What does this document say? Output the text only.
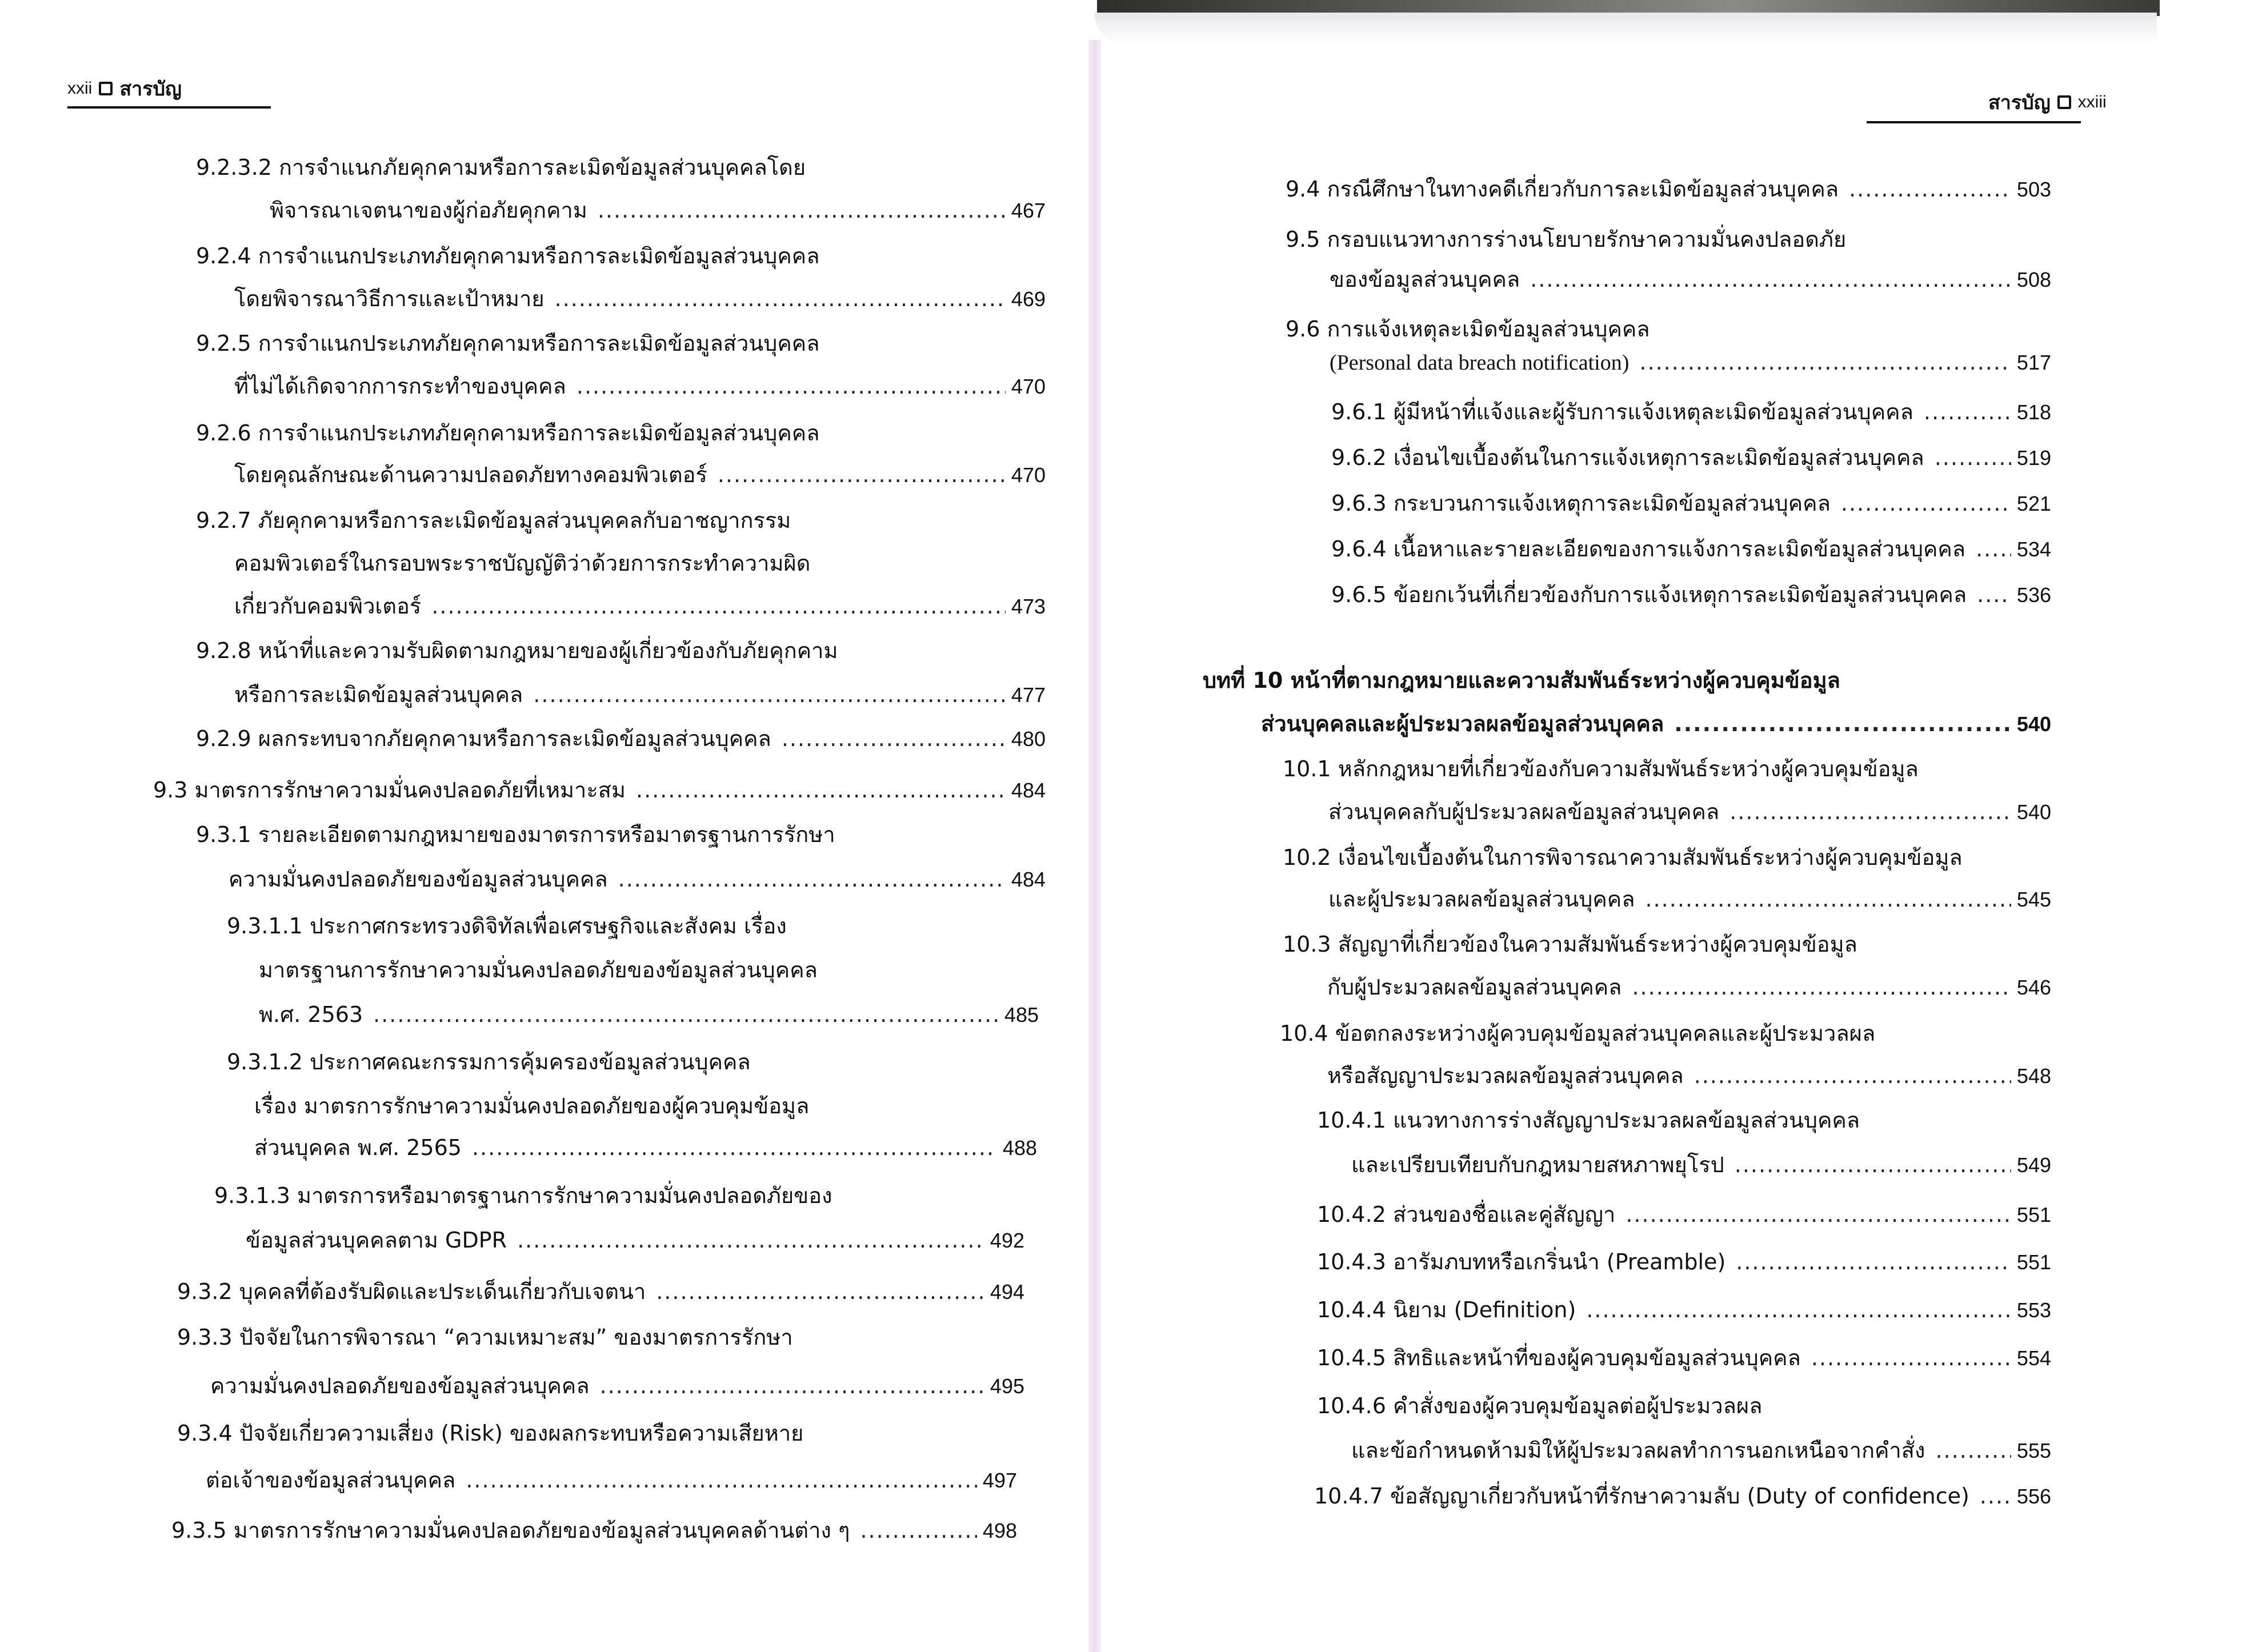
xxii สารบัญ
9.2.3.2 การจำแนกภัยคุกคามหรือการละเมิดข้อมูลส่วนบุคคลโดย
พิจารณาเจตนาของผู้ก่อภัยคุกคาม .....	467
9.2.4 การจำแนกประเภทภัยคุกคามหรือการละเมิดข้อมูลส่วนบุคคล
โดยพิจารณาวิธีการและเป้าหมาย .....	469
9.2.5 การจำแนกประเภทภัยคุกคามหรือการละเมิดข้อมูลส่วนบุคคล
ที่ไม่ได้เกิดจากการกระทำของบุคคล .....	470
9.2.6 การจำแนกประเภทภัยคุกคามหรือการละเมิดข้อมูลส่วนบุคคล
โดยคุณลักษณะด้านความปลอดภัยทางคอมพิวเตอร์ .....	470
9.2.7 ภัยคุกคามหรือการละเมิดข้อมูลส่วนบุคคลกับอาชญากรรม
คอมพิวเตอร์ในกรอบพระราชบัญญัติว่าด้วยการกระทำความผิด
เกี่ยวกับคอมพิวเตอร์ .....	473
9.2.8 หน้าที่และความรับผิดตามกฎหมายของผู้เกี่ยวข้องกับภัยคุกคาม
หรือการละเมิดข้อมูลส่วนบุคคล .....	477
9.2.9 ผลกระทบจากภัยคุกคามหรือการละเมิดข้อมูลส่วนบุคคล .....	480
9.3 มาตรการรักษาความมั่นคงปลอดภัยที่เหมาะสม .....	484
9.3.1 รายละเอียดตามกฎหมายของมาตรการหรือมาตรฐานการรักษา
ความมั่นคงปลอดภัยของข้อมูลส่วนบุคคล .....	484
9.3.1.1 ประกาศกระทรวงดิจิทัลเพื่อเศรษฐกิจและสังคม เรื่อง
มาตรฐานการรักษาความมั่นคงปลอดภัยของข้อมูลส่วนบุคคล
พ.ศ. 2563 .....	485
9.3.1.2 ประกาศคณะกรรมการคุ้มครองข้อมูลส่วนบุคคล
เรื่อง มาตรการรักษาความมั่นคงปลอดภัยของผู้ควบคุมข้อมูล
ส่วนบุคคล พ.ศ. 2565 .....	488
9.3.1.3 มาตรการหรือมาตรฐานการรักษาความมั่นคงปลอดภัยของ
ข้อมูลส่วนบุคคลตาม GDPR .....	492
9.3.2 บุคคลที่ต้องรับผิดและประเด็นเกี่ยวกับเจตนา .....	494
9.3.3 ปัจจัยในการพิจารณา “ความเหมาะสม” ของมาตรการรักษา
ความมั่นคงปลอดภัยของข้อมูลส่วนบุคคล .....	495
9.3.4 ปัจจัยเกี่ยวความเสี่ยง (Risk) ของผลกระทบหรือความเสียหาย
ต่อเจ้าของข้อมูลส่วนบุคคล .....	497
9.3.5 มาตรการรักษาความมั่นคงปลอดภัยของข้อมูลส่วนบุคคลด้านต่าง ๆ .....	498
สารบัญ xxiii
9.4 กรณีศึกษาในทางคดีเกี่ยวกับการละเมิดข้อมูลส่วนบุคคล .....	503
9.5 กรอบแนวทางการร่างนโยบายรักษาความมั่นคงปลอดภัย
ของข้อมูลส่วนบุคคล .....	508
9.6 การแจ้งเหตุละเมิดข้อมูลส่วนบุคคล
(Personal data breach notification) .....	517
9.6.1 ผู้มีหน้าที่แจ้งและผู้รับการแจ้งเหตุละเมิดข้อมูลส่วนบุคคล .....	518
9.6.2 เงื่อนไขเบื้องต้นในการแจ้งเหตุการละเมิดข้อมูลส่วนบุคคล .....	519
9.6.3 กระบวนการแจ้งเหตุการละเมิดข้อมูลส่วนบุคคล .....	521
9.6.4 เนื้อหาและรายละเอียดของการแจ้งการละเมิดข้อมูลส่วนบุคคล ..... 534
9.6.5 ข้อยกเว้นที่เกี่ยวข้องกับการแจ้งเหตุการละเมิดข้อมูลส่วนบุคคล ..... 536
บทที่ 10 หน้าที่ตามกฎหมายและความสัมพันธ์ระหว่างผู้ควบคุมข้อมูล
ส่วนบุคคลและผู้ประมวลผลข้อมูลส่วนบุคคล .....	540
10.1 หลักกฎหมายที่เกี่ยวข้องกับความสัมพันธ์ระหว่างผู้ควบคุมข้อมูล
ส่วนบุคคลกับผู้ประมวลผลข้อมูลส่วนบุคคล .....	540
10.2 เงื่อนไขเบื้องต้นในการพิจารณาความสัมพันธ์ระหว่างผู้ควบคุมข้อมูล
และผู้ประมวลผลข้อมูลส่วนบุคคล .....	545
10.3 สัญญาที่เกี่ยวข้องในความสัมพันธ์ระหว่างผู้ควบคุมข้อมูล
กับผู้ประมวลผลข้อมูลส่วนบุคคล .....	546
10.4 ข้อตกลงระหว่างผู้ควบคุมข้อมูลส่วนบุคคลและผู้ประมวลผล
หรือสัญญาประมวลผลข้อมูลส่วนบุคคล .....	548
10.4.1 แนวทางการร่างสัญญาประมวลผลข้อมูลส่วนบุคคล
และเปรียบเทียบกับกฎหมายสหภาพยุโรป .....	549
10.4.2 ส่วนของชื่อและคู่สัญญา .....	551
10.4.3 อารัมภบทหรือเกริ่นนำ (Preamble) .....	551
10.4.4 นิยาม (Definition) .....	553
10.4.5 สิทธิและหน้าที่ของผู้ควบคุมข้อมูลส่วนบุคคล .....	554
10.4.6 คำสั่งของผู้ควบคุมข้อมูลต่อผู้ประมวลผล
และข้อกำหนดห้ามมิให้ผู้ประมวลผลทำการนอกเหนือจากคำสั่ง .....	555
10.4.7 ข้อสัญญาเกี่ยวกับหน้าที่รักษาความลับ (Duty of confidence) ..... 556
